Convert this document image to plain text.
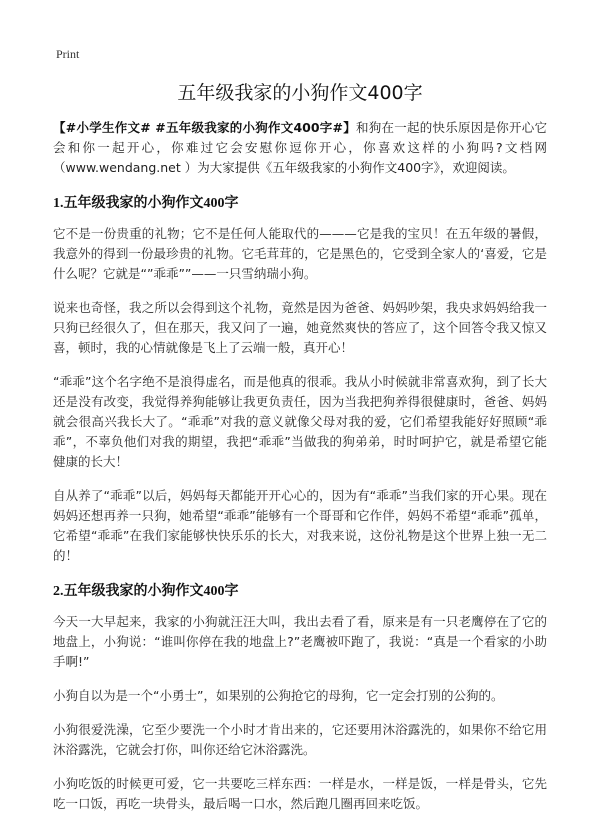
Print
五年级我家的小狗作文400字

【#小学生作文# #五年级我家的小狗作文400字#】和狗在一起的快乐原因是你开心它会和你一起开心，你难过它会安慰你逗你开心，你喜欢这样的小狗吗?文档网（www.wendang.net ）为大家提供《五年级我家的小狗作文400字》，欢迎阅读。

1.五年级我家的小狗作文400字

它不是一份贵重的礼物；它不是任何人能取代的———它是我的宝贝！在五年级的暑假，我意外的得到一份最珍贵的礼物。它毛茸茸的，它是黑色的，它受到全家人的‘喜爱，它是什么呢？它就是“”乖乖””——一只雪纳瑞小狗。

说来也奇怪，我之所以会得到这个礼物，竟然是因为爸爸、妈妈吵架，我央求妈妈给我一只狗已经很久了，但在那天，我又问了一遍，她竟然爽快的答应了，这个回答令我又惊又喜，顿时，我的心情就像是飞上了云端一般，真开心！

“乖乖”这个名字绝不是浪得虚名，而是他真的很乖。我从小时候就非常喜欢狗，到了长大还是没有改变，我觉得养狗能够让我更负责任，因为当我把狗养得很健康时，爸爸、妈妈就会很高兴我长大了。“乖乖”对我的意义就像父母对我的爱，它们希望我能好好照顾“乖乖”，不辜负他们对我的期望，我把“乖乖”当做我的狗弟弟，时时呵护它，就是希望它能健康的长大！

自从养了“乖乖”以后，妈妈每天都能开开心心的，因为有“乖乖”当我们家的开心果。现在妈妈还想再养一只狗，她希望“乖乖”能够有一个哥哥和它作伴，妈妈不希望“乖乖”孤单，它希望“乖乖”在我们家能够快快乐乐的长大，对我来说，这份礼物是这个世界上独一无二的！

2.五年级我家的小狗作文400字

今天一大早起来，我家的小狗就汪汪大叫，我出去看了看，原来是有一只老鹰停在了它的地盘上，小狗说：“谁叫你停在我的地盘上?”老鹰被吓跑了，我说：“真是一个看家的小助手啊!”

小狗自以为是一个“小勇士”，如果别的公狗抢它的母狗，它一定会打别的公狗的。

小狗很爱洗澡，它至少要洗一个小时才肯出来的，它还要用沐浴露洗的，如果你不给它用沐浴露洗，它就会打你，叫你还给它沐浴露洗。

小狗吃饭的时候更可爱，它一共要吃三样东西：一样是水，一样是饭，一样是骨头，它先吃一口饭，再吃一块骨头，最后喝一口水，然后跑几圈再回来吃饭。
